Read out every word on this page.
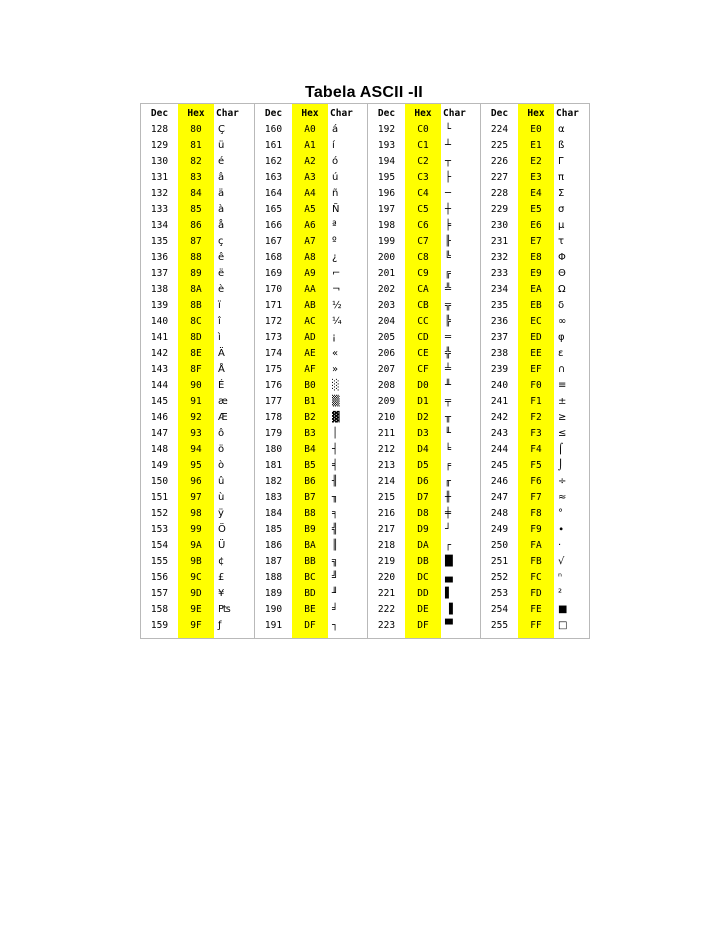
Tabela ASCII -II
Dec	Hex	Char
128	80	Ç
129	81	ü
130	82	é
131	83	â
132	84	ä
133	85	à
134	86	å
135	87	ç
136	88	ê
137	89	ë
138	8A	è
139	8B	ï
140	8C	î
141	8D	ì
142	8E	Ä
143	8F	Å
144	90	É
145	91	æ
146	92	Æ
147	93	ô
148	94	ö
149	95	ò
150	96	û
151	97	ù
152	98	ÿ
153	99	Ö
154	9A	Ü
155	9B	¢
156	9C	£
157	9D	¥
158	9E	₧
159	9F	ƒ
Dec	Hex	Char
160	A0	á
161	A1	í
162	A2	ó
163	A3	ú
164	A4	ñ
165	A5	Ñ
166	A6	ª
167	A7	º
168	A8	¿
169	A9	⌐
170	AA	¬
171	AB	½
172	AC	¼
173	AD	¡
174	AE	«
175	AF	»
176	B0	░
177	B1	▒
178	B2	▓
179	B3	│
180	B4	┤
181	B5	╡
182	B6	╢
183	B7	╖
184	B8	╕
185	B9	╣
186	BA	║
187	BB	╗
188	BC	╝
189	BD	╜
190	BE	╛
191	DF	┐
Dec	Hex	Char
192	C0	└
193	C1	┴
194	C2	┬
195	C3	├
196	C4	─
197	C5	┼
198	C6	╞
199	C7	╟
200	C8	╚
201	C9	╔
202	CA	╩
203	CB	╦
204	CC	╠
205	CD	═
206	CE	╬
207	CF	╧
208	D0	╨
209	D1	╤
210	D2	╥
211	D3	╙
212	D4	╘
213	D5	╒
214	D6	╓
215	D7	╫
216	D8	╪
217	D9	┘
218	DA	┌
219	DB	█
220	DC	▄
221	DD	▌
222	DE	▐
223	DF	▀
Dec	Hex	Char
224	E0	α
225	E1	ß
226	E2	Γ
227	E3	π
228	E4	Σ
229	E5	σ
230	E6	µ
231	E7	τ
232	E8	Φ
233	E9	Θ
234	EA	Ω
235	EB	δ
236	EC	∞
237	ED	φ
238	EE	ε
239	EF	∩
240	F0	≡
241	F1	±
242	F2	≥
243	F3	≤
244	F4	⌠
245	F5	⌡
246	F6	÷
247	F7	≈
248	F8	°
249	F9	∙
250	FA	·
251	FB	√
252	FC	ⁿ
253	FD	²
254	FE	■
255	FF	□
